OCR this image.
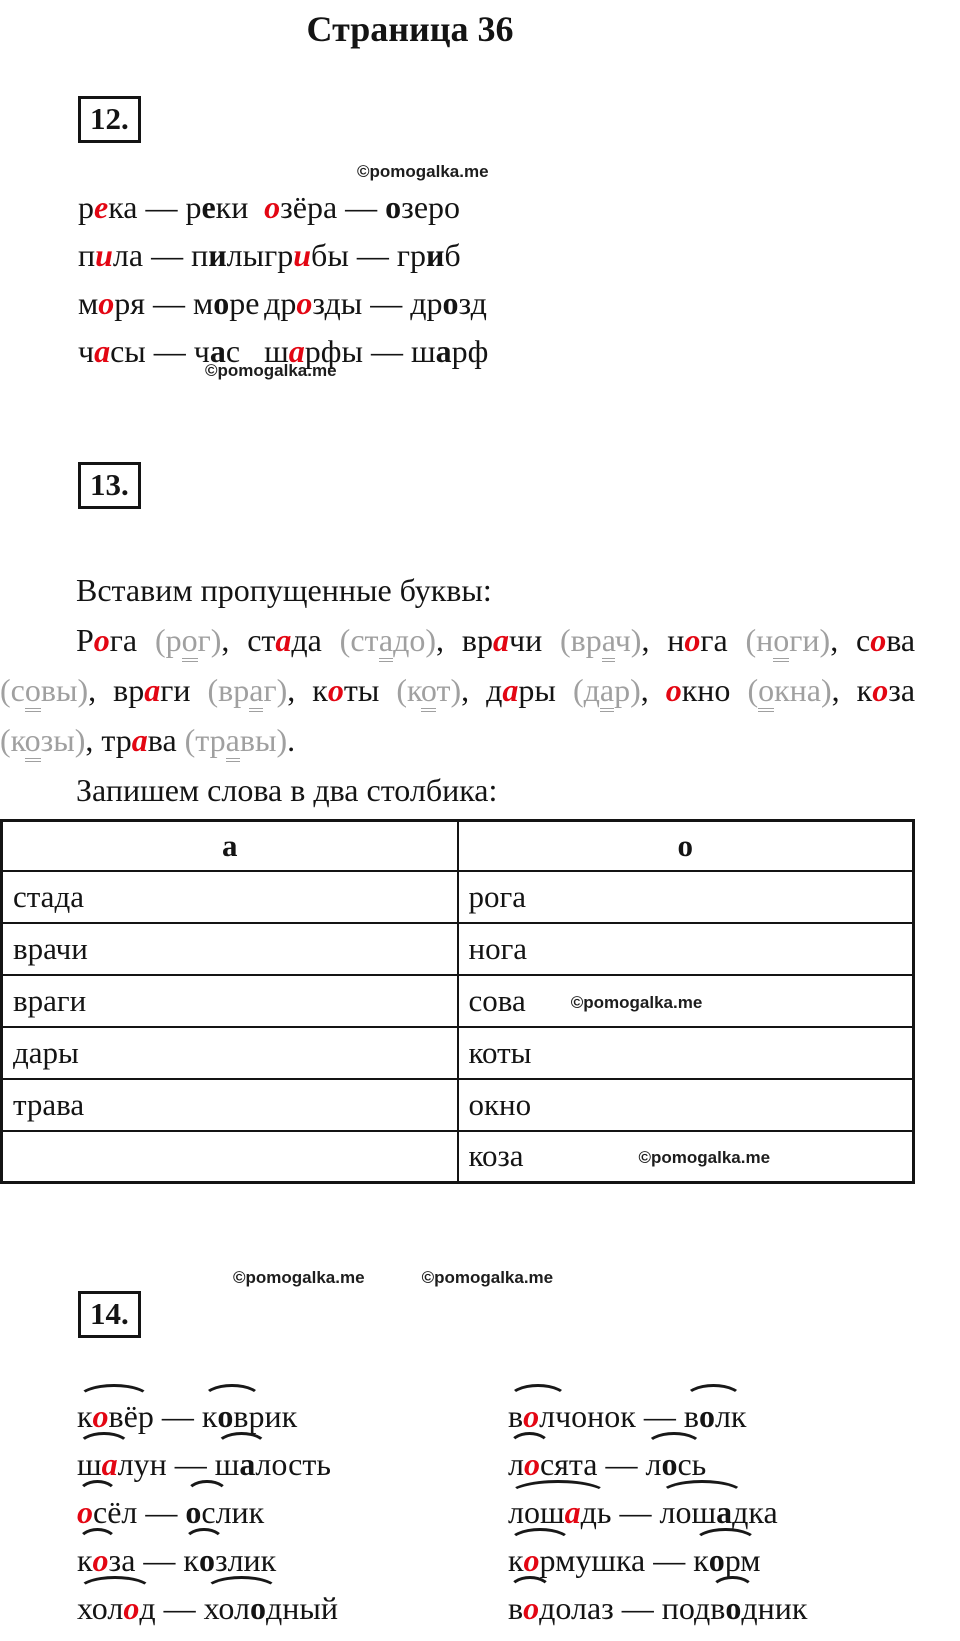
Страница 36
12.
©pomogalka.me
река — реки
пила — пилы
моря — море
часы — час
озёра — озеро
грибы — гриб
дрозды — дрозд
шарфы — шарф
©pomogalka.me
13.

Вставим пропущенные буквы:

Рога (рог), стада (стадо), врачи (врач), нога (ноги), сова (совы), враги (враг), коты (кот), дары (дар), окно (окна), коза (козы), трава (травы).

Запишем слова в два столбика:

а	о
стада	рога
врачи	нога
враги	сова ©pomogalka.me
дары	коты
трава	окно
	коза ©pomogalka.me
©pomogalka.me	©pomogalka.me
14.
ковёр — коврик
шалун — шалость
осёл — ослик
коза — козлик
холод — холодный
волчонок — волк
лосята — лось
лошадь — лошадка
кормушка — корм
водолаз — подводник
